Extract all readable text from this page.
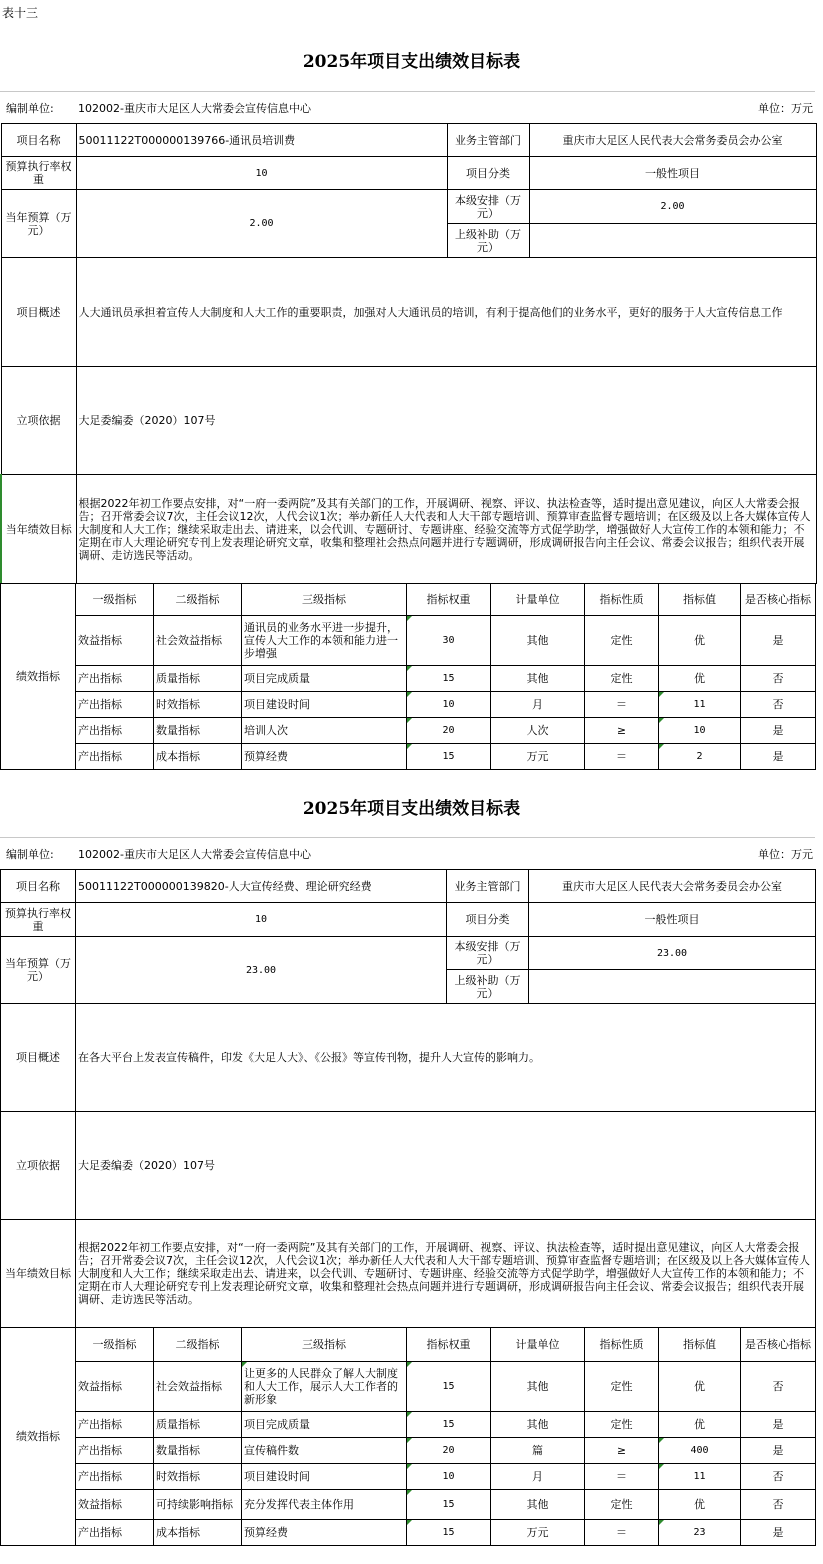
表十三
2025年项目支出绩效目标表
编制单位: 102002-重庆市大足区人大常委会宣传信息中心	单位：万元
项目名称	50011122T000000139766-通讯员培训费	业务主管部门	重庆市大足区人民代表大会常务委员会办公室
预算执行率权重	10	项目分类	一般性项目
当年预算（万元）	2.00	本级安排（万元）	2.00
		上级补助（万元）	
项目概述	人大通讯员承担着宣传人大制度和人大工作的重要职责，加强对人大通讯员的培训，有利于提高他们的业务水平，更好的服务于人大宣传信息工作		
立项依据	大足委编委（2020）107号		
当年绩效目标	根据2022年初工作要点安排，对“一府一委两院”及其有关部门的工作，开展调研、视察、评议、执法检查等，适时提出意见建议，向区人大常委会报告；召开常委会议7次，主任会议12次，人代会议1次；举办新任人大代表和人大干部专题培训、预算审查监督专题培训；在区级及以上各大媒体宣传人大制度和人大工作；继续采取走出去、请进来，以会代训、专题研讨、专题讲座、经验交流等方式促学助学，增强做好人大宣传工作的本领和能力；不定期在市人大理论研究专刊上发表理论研究文章，收集和整理社会热点问题并进行专题调研，形成调研报告向主任会议、常委会议报告；组织代表开展调研、走访选民等活动。		
绩效指标	一级指标	二级指标	三级指标	指标权重	计量单位	指标性质	指标值	是否核心指标
	效益指标	社会效益指标	通讯员的业务水平进一步提升，宣传人大工作的本领和能力进一步增强	30	其他	定性	优	是
	产出指标	质量指标	项目完成质量	15	其他	定性	优	否
	产出指标	时效指标	项目建设时间	10	月	＝	11	否
	产出指标	数量指标	培训人次	20	人次	≥	10	是
	产出指标	成本指标	预算经费	15	万元	＝	2	是
2025年项目支出绩效目标表
编制单位: 102002-重庆市大足区人大常委会宣传信息中心	单位：万元
项目名称	50011122T000000139820-人大宣传经费、理论研究经费	业务主管部门	重庆市大足区人民代表大会常务委员会办公室
预算执行率权重	10	项目分类	一般性项目
当年预算（万元）	23.00	本级安排（万元）	23.00
		上级补助（万元）	
项目概述	在各大平台上发表宣传稿件，印发《大足人大》、《公报》等宣传刊物，提升人大宣传的影响力。		
立项依据	大足委编委（2020）107号		
当年绩效目标	根据2022年初工作要点安排，对“一府一委两院”及其有关部门的工作，开展调研、视察、评议、执法检查等，适时提出意见建议，向区人大常委会报告；召开常委会议7次，主任会议12次，人代会议1次；举办新任人大代表和人大干部专题培训、预算审查监督专题培训；在区级及以上各大媒体宣传人大制度和人大工作；继续采取走出去、请进来，以会代训、专题研讨、专题讲座、经验交流等方式促学助学，增强做好人大宣传工作的本领和能力；不定期在市人大理论研究专刊上发表理论研究文章，收集和整理社会热点问题并进行专题调研，形成调研报告向主任会议、常委会议报告；组织代表开展调研、走访选民等活动。		
绩效指标	一级指标	二级指标	三级指标	指标权重	计量单位	指标性质	指标值	是否核心指标
	效益指标	社会效益指标	让更多的人民群众了解人大制度和人大工作，展示人大工作者的新形象	15	其他	定性	优	否
	产出指标	质量指标	项目完成质量	15	其他	定性	优	是
	产出指标	数量指标	宣传稿件数	20	篇	≥	400	是
	产出指标	时效指标	项目建设时间	10	月	＝	11	否
	效益指标	可持续影响指标	充分发挥代表主体作用	15	其他	定性	优	否
	产出指标	成本指标	预算经费	15	万元	＝	23	是
